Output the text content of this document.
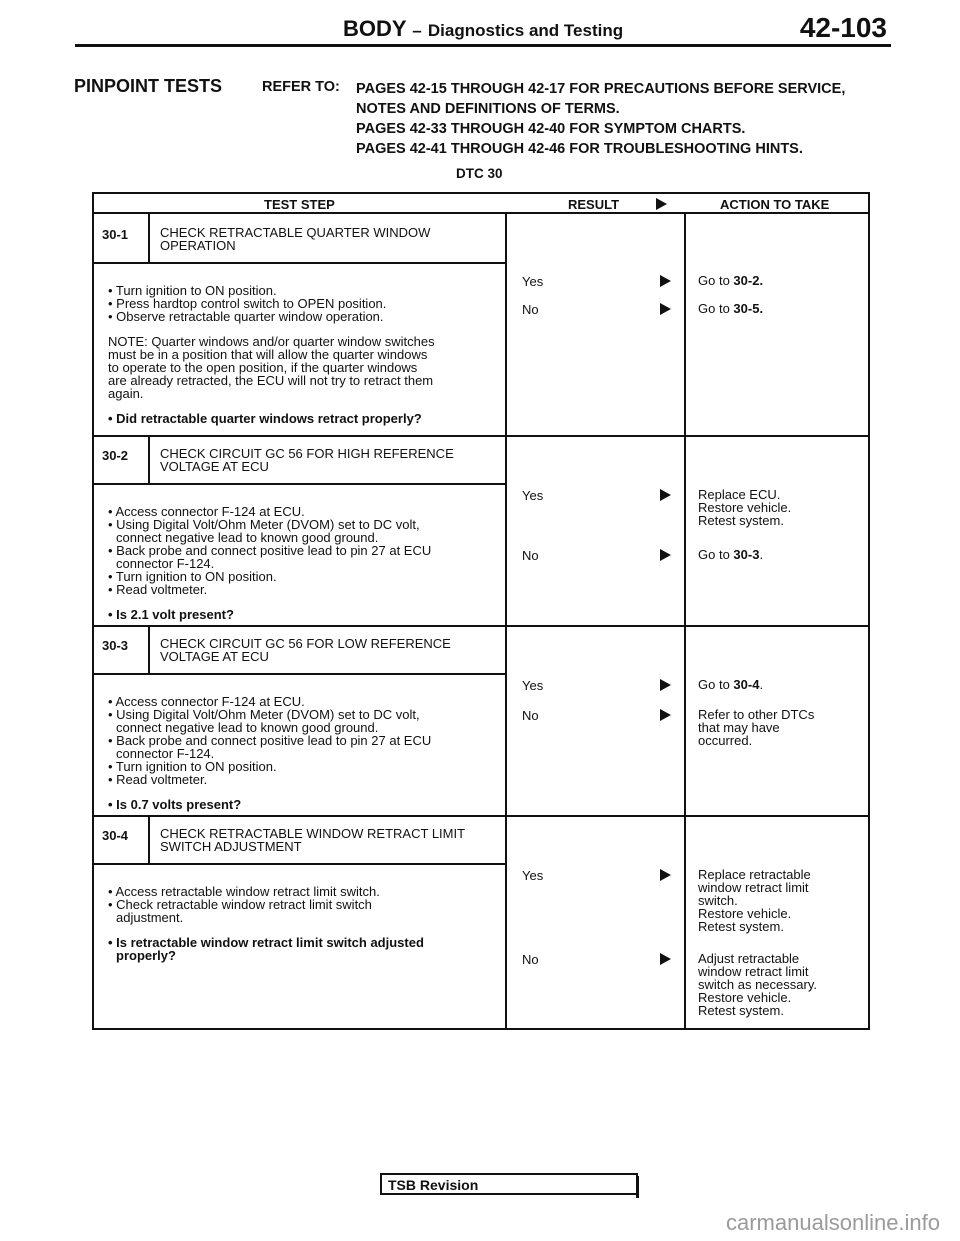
BODY – Diagnostics and Testing	42-103
PINPOINT TESTS	REFER TO: PAGES 42-15 THROUGH 42-17 FOR PRECAUTIONS BEFORE SERVICE,
NOTES AND DEFINITIONS OF TERMS.
PAGES 42-33 THROUGH 42-40 FOR SYMPTOM CHARTS.
PAGES 42-41 THROUGH 42-46 FOR TROUBLESHOOTING HINTS.
DTC 30
TEST STEP	RESULT	ACTION TO TAKE
30-1 CHECK RETRACTABLE QUARTER WINDOW
OPERATION
• Turn ignition to ON position.
• Press hardtop control switch to OPEN position.
• Observe retractable quarter window operation.
NOTE: Quarter windows and/or quarter window switches
must be in a position that will allow the quarter windows
to operate to the open position, if the quarter windows
are already retracted, the ECU will not try to retract them
again.
• Did retractable quarter windows retract properly?
Yes	Go to 30-2.
No	Go to 30-5.
30-2 CHECK CIRCUIT GC 56 FOR HIGH REFERENCE
VOLTAGE AT ECU
• Access connector F-124 at ECU.
• Using Digital Volt/Ohm Meter (DVOM) set to DC volt,
connect negative lead to known good ground.
• Back probe and connect positive lead to pin 27 at ECU
connector F-124.
• Turn ignition to ON position.
• Read voltmeter.
• Is 2.1 volt present?
Yes	Replace ECU.
Restore vehicle.
Retest system.
No	Go to 30-3.
30-3 CHECK CIRCUIT GC 56 FOR LOW REFERENCE
VOLTAGE AT ECU
• Access connector F-124 at ECU.
• Using Digital Volt/Ohm Meter (DVOM) set to DC volt,
connect negative lead to known good ground.
• Back probe and connect positive lead to pin 27 at ECU
connector F-124.
• Turn ignition to ON position.
• Read voltmeter.
• Is 0.7 volts present?
Yes	Go to 30-4.
No	Refer to other DTCs
that may have
occurred.
30-4 CHECK RETRACTABLE WINDOW RETRACT LIMIT
SWITCH ADJUSTMENT
• Access retractable window retract limit switch.
• Check retractable window retract limit switch
adjustment.
• Is retractable window retract limit switch adjusted
properly?
Yes	Replace retractable
window retract limit
switch.
Restore vehicle.
Retest system.
No	Adjust retractable
window retract limit
switch as necessary.
Restore vehicle.
Retest system.
TSB Revision
carmanualsonline.info
